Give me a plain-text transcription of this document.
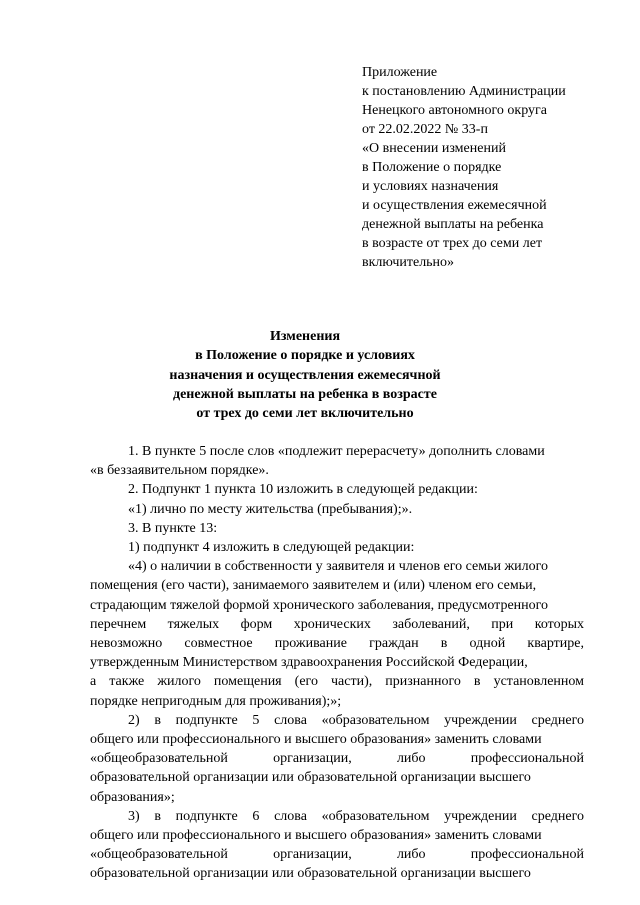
Приложение
к постановлению Администрации
Ненецкого автономного округа
от 22.02.2022 № 33-п
«О внесении изменений
в Положение о порядке
и условиях назначения
и осуществления ежемесячной
денежной выплаты на ребенка
в возрасте от трех до семи лет
включительно»
Изменения
в Положение о порядке и условиях
назначения и осуществления ежемесячной
денежной выплаты на ребенка в возрасте
от трех до семи лет включительно
1. В пункте 5 после слов «подлежит перерасчету» дополнить словами
«в беззаявительном порядке».
2. Подпункт 1 пункта 10 изложить в следующей редакции:
«1) лично по месту жительства (пребывания);».
3. В пункте 13:
1) подпункт 4 изложить в следующей редакции:
«4) о наличии в собственности у заявителя и членов его семьи жилого
помещения (его части), занимаемого заявителем и (или) членом его семьи,
страдающим тяжелой формой хронического заболевания, предусмотренного
перечнем тяжелых форм хронических заболеваний, при которых
невозможно совместное проживание граждан в одной квартире,
утвержденным Министерством здравоохранения Российской Федерации,
а также жилого помещения (его части), признанного в установленном
порядке непригодным для проживания);»;
2) в подпункте 5 слова «образовательном учреждении среднего
общего или профессионального и высшего образования» заменить словами
«общеобразовательной организации, либо профессиональной
образовательной организации или образовательной организации высшего
образования»;
3) в подпункте 6 слова «образовательном учреждении среднего
общего или профессионального и высшего образования» заменить словами
«общеобразовательной организации, либо профессиональной
образовательной организации или образовательной организации высшего
